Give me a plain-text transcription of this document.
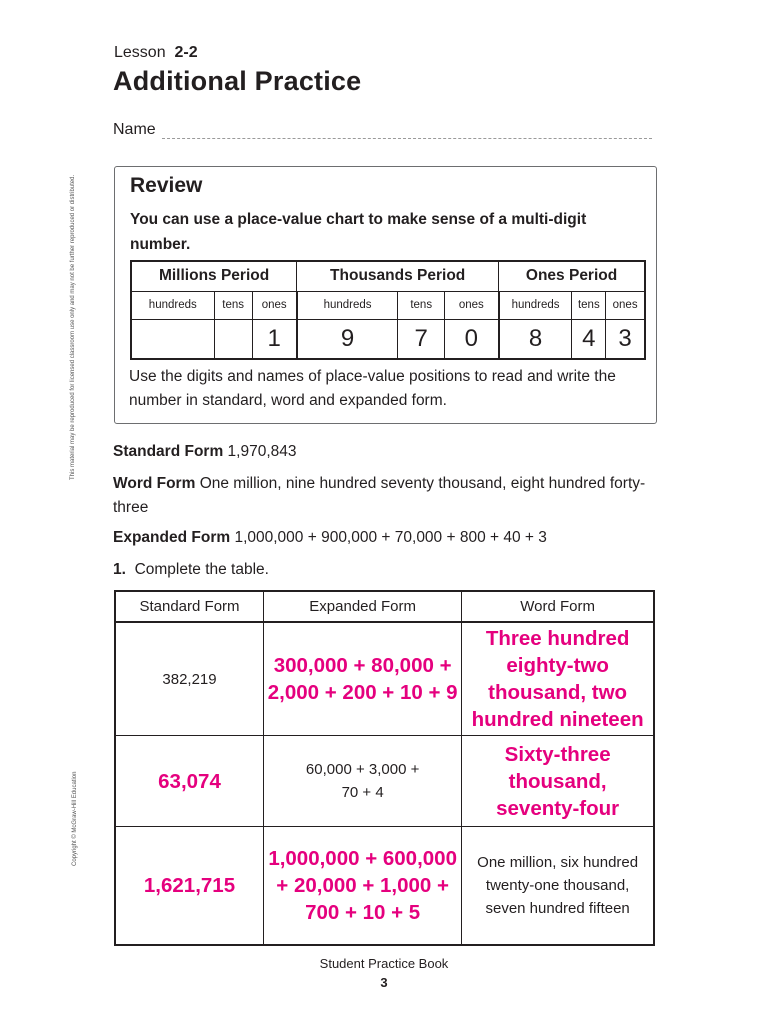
This material may be reproduced for licensed classroom use only and may not be further reproduced or distributed.
Copyright © McGraw-Hill Education
Lesson 2-2
Additional Practice
Name
Review
You can use a place-value chart to make sense of a multi-digit number.
Millions Period			Thousands Period			Ones Period		
hundreds	tens	ones	hundreds	tens	ones	hundreds	tens	ones
		1	9	7	0	8	4	3
Use the digits and names of place-value positions to read and write the number in standard, word and expanded form.
Standard Form 1,970,843
Word Form One million, nine hundred seventy thousand, eight hundred forty-three
Expanded Form 1,000,000 + 900,000 + 70,000 + 800 + 40 + 3
1. Complete the table.
Standard Form	Expanded Form	Word Form
382,219	300,000 + 80,000 + 2,000 + 200 + 10 + 9	Three hundred eighty-two thousand, two hundred nineteen
63,074	60,000 + 3,000 + 70 + 4	Sixty-three thousand, seventy-four
1,621,715	1,000,000 + 600,000 + 20,000 + 1,000 + 700 + 10 + 5	One million, six hundred twenty-one thousand, seven hundred fifteen
Student Practice Book
3
